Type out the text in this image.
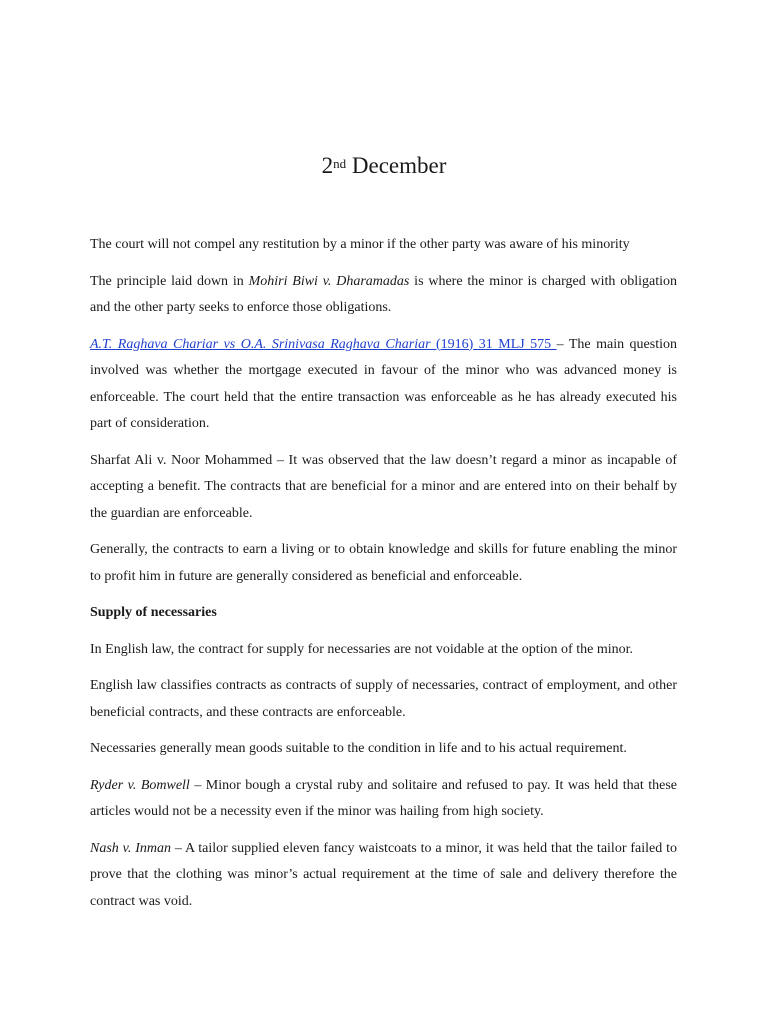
2nd December

The court will not compel any restitution by a minor if the other party was aware of his minority

The principle laid down in Mohiri Biwi v. Dharamadas is where the minor is charged with obligation and the other party seeks to enforce those obligations.

A.T. Raghava Chariar vs O.A. Srinivasa Raghava Chariar (1916) 31 MLJ 575 – The main question involved was whether the mortgage executed in favour of the minor who was advanced money is enforceable. The court held that the entire transaction was enforceable as he has already executed his part of consideration.

Sharfat Ali v. Noor Mohammed – It was observed that the law doesn’t regard a minor as incapable of accepting a benefit. The contracts that are beneficial for a minor and are entered into on their behalf by the guardian are enforceable.

Generally, the contracts to earn a living or to obtain knowledge and skills for future enabling the minor to profit him in future are generally considered as beneficial and enforceable.

Supply of necessaries

In English law, the contract for supply for necessaries are not voidable at the option of the minor.

English law classifies contracts as contracts of supply of necessaries, contract of employment, and other beneficial contracts, and these contracts are enforceable.

Necessaries generally mean goods suitable to the condition in life and to his actual requirement.

Ryder v. Bomwell – Minor bough a crystal ruby and solitaire and refused to pay. It was held that these articles would not be a necessity even if the minor was hailing from high society.

Nash v. Inman – A tailor supplied eleven fancy waistcoats to a minor, it was held that the tailor failed to prove that the clothing was minor’s actual requirement at the time of sale and delivery therefore the contract was void.
